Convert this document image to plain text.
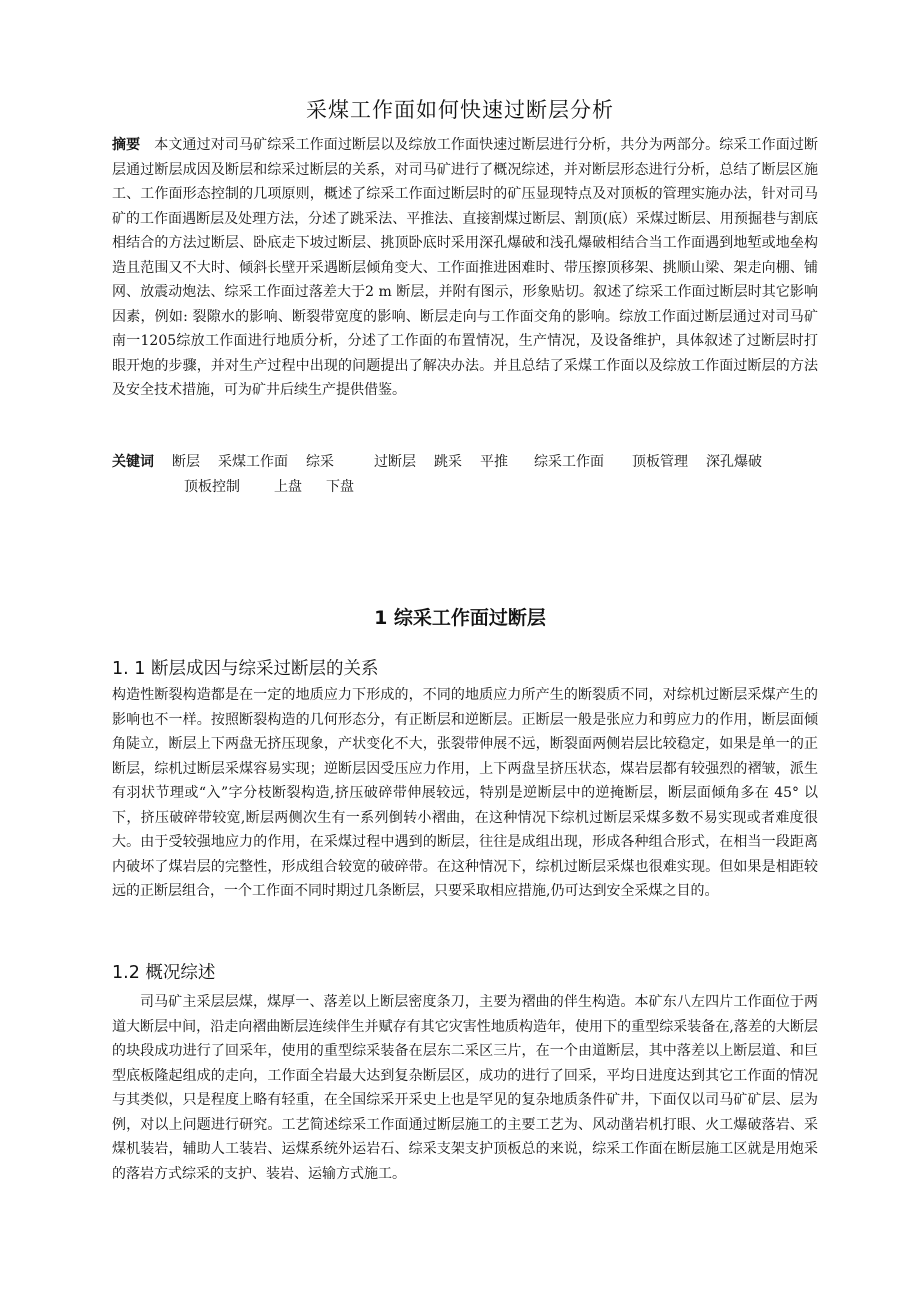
采煤工作面如何快速过断层分析
摘要 本文通过对司马矿综采工作面过断层以及综放工作面快速过断层进行分析，共分为两部分。综采工作面过断层通过断层成因及断层和综采过断层的关系，对司马矿进行了概况综述，并对断层形态进行分析，总结了断层区施工、工作面形态控制的几项原则，概述了综采工作面过断层时的矿压显现特点及对顶板的管理实施办法，针对司马矿的工作面遇断层及处理方法，分述了跳采法、平推法、直接割煤过断层、割顶(底）采煤过断层、用预掘巷与割底相结合的方法过断层、卧底走下坡过断层、挑顶卧底时采用深孔爆破和浅孔爆破相结合当工作面遇到地堑或地垒构造且范围又不大时、倾斜长壁开采遇断层倾角变大、工作面推进困难时、带压擦顶移架、挑顺山梁、架走向棚、铺网、放震动炮法、综采工作面过落差大于2 m 断层，并附有图示，形象贴切。叙述了综采工作面过断层时其它影响因素，例如: 裂隙水的影响、断裂带宽度的影响、断层走向与工作面交角的影响。综放工作面过断层通过对司马矿南一1205综放工作面进行地质分析，分述了工作面的布置情况，生产情况，及设备维护，具体叙述了过断层时打眼开炮的步骤，并对生产过程中出现的问题提出了解决办法。并且总结了采煤工作面以及综放工作面过断层的方法及安全技术措施，可为矿井后续生产提供借鉴。
关键词 断层 采煤工作面 综采	过断层 跳采 平推 综采工作面 顶板管理 深孔爆破
顶板控制 上盘 下盘
1 综采工作面过断层
1. 1 断层成因与综采过断层的关系
构造性断裂构造都是在一定的地质应力下形成的，不同的地质应力所产生的断裂质不同，对综机过断层采煤产生的影响也不一样。按照断裂构造的几何形态分，有正断层和逆断层。正断层一般是张应力和剪应力的作用，断层面倾角陡立，断层上下两盘无挤压现象，产状变化不大，张裂带伸展不远，断裂面两侧岩层比较稳定，如果是单一的正断层，综机过断层采煤容易实现；逆断层因受压应力作用，上下两盘呈挤压状态，煤岩层都有较强烈的褶皱，派生有羽状节理或“入”字分枝断裂构造,挤压破碎带伸展较远，特别是逆断层中的逆掩断层，断层面倾角多在 45° 以下，挤压破碎带较宽,断层两侧次生有一系列倒转小褶曲，在这种情况下综机过断层采煤多数不易实现或者难度很大。由于受较强地应力的作用，在采煤过程中遇到的断层，往往是成组出现，形成各种组合形式，在相当一段距离内破坏了煤岩层的完整性，形成组合较宽的破碎带。在这种情况下，综机过断层采煤也很难实现。但如果是相距较远的正断层组合，一个工作面不同时期过几条断层，只要采取相应措施,仍可达到安全采煤之目的。
1.2 概况综述
司马矿主采层层煤，煤厚一、落差以上断层密度条刀，主要为褶曲的伴生构造。本矿东八左四片工作面位于两道大断层中间，沿走向褶曲断层连续伴生并赋存有其它灾害性地质构造年，使用下的重型综采装备在,落差的大断层的块段成功进行了回采年，使用的重型综采装备在层东二采区三片，在一个由道断层，其中落差以上断层道、和巨型底板隆起组成的走向，工作面全岩最大达到复杂断层区，成功的进行了回采，平均日进度达到其它工作面的情况与其类似，只是程度上略有轻重，在全国综采开采史上也是罕见的复杂地质条件矿井，下面仅以司马矿矿层、层为例，对以上问题进行研究。工艺简述综采工作面通过断层施工的主要工艺为、风动凿岩机打眼、火工爆破落岩、采煤机装岩，辅助人工装岩、运煤系统外运岩石、综采支架支护顶板总的来说，综采工作面在断层施工区就是用炮采的落岩方式综采的支护、装岩、运输方式施工。
